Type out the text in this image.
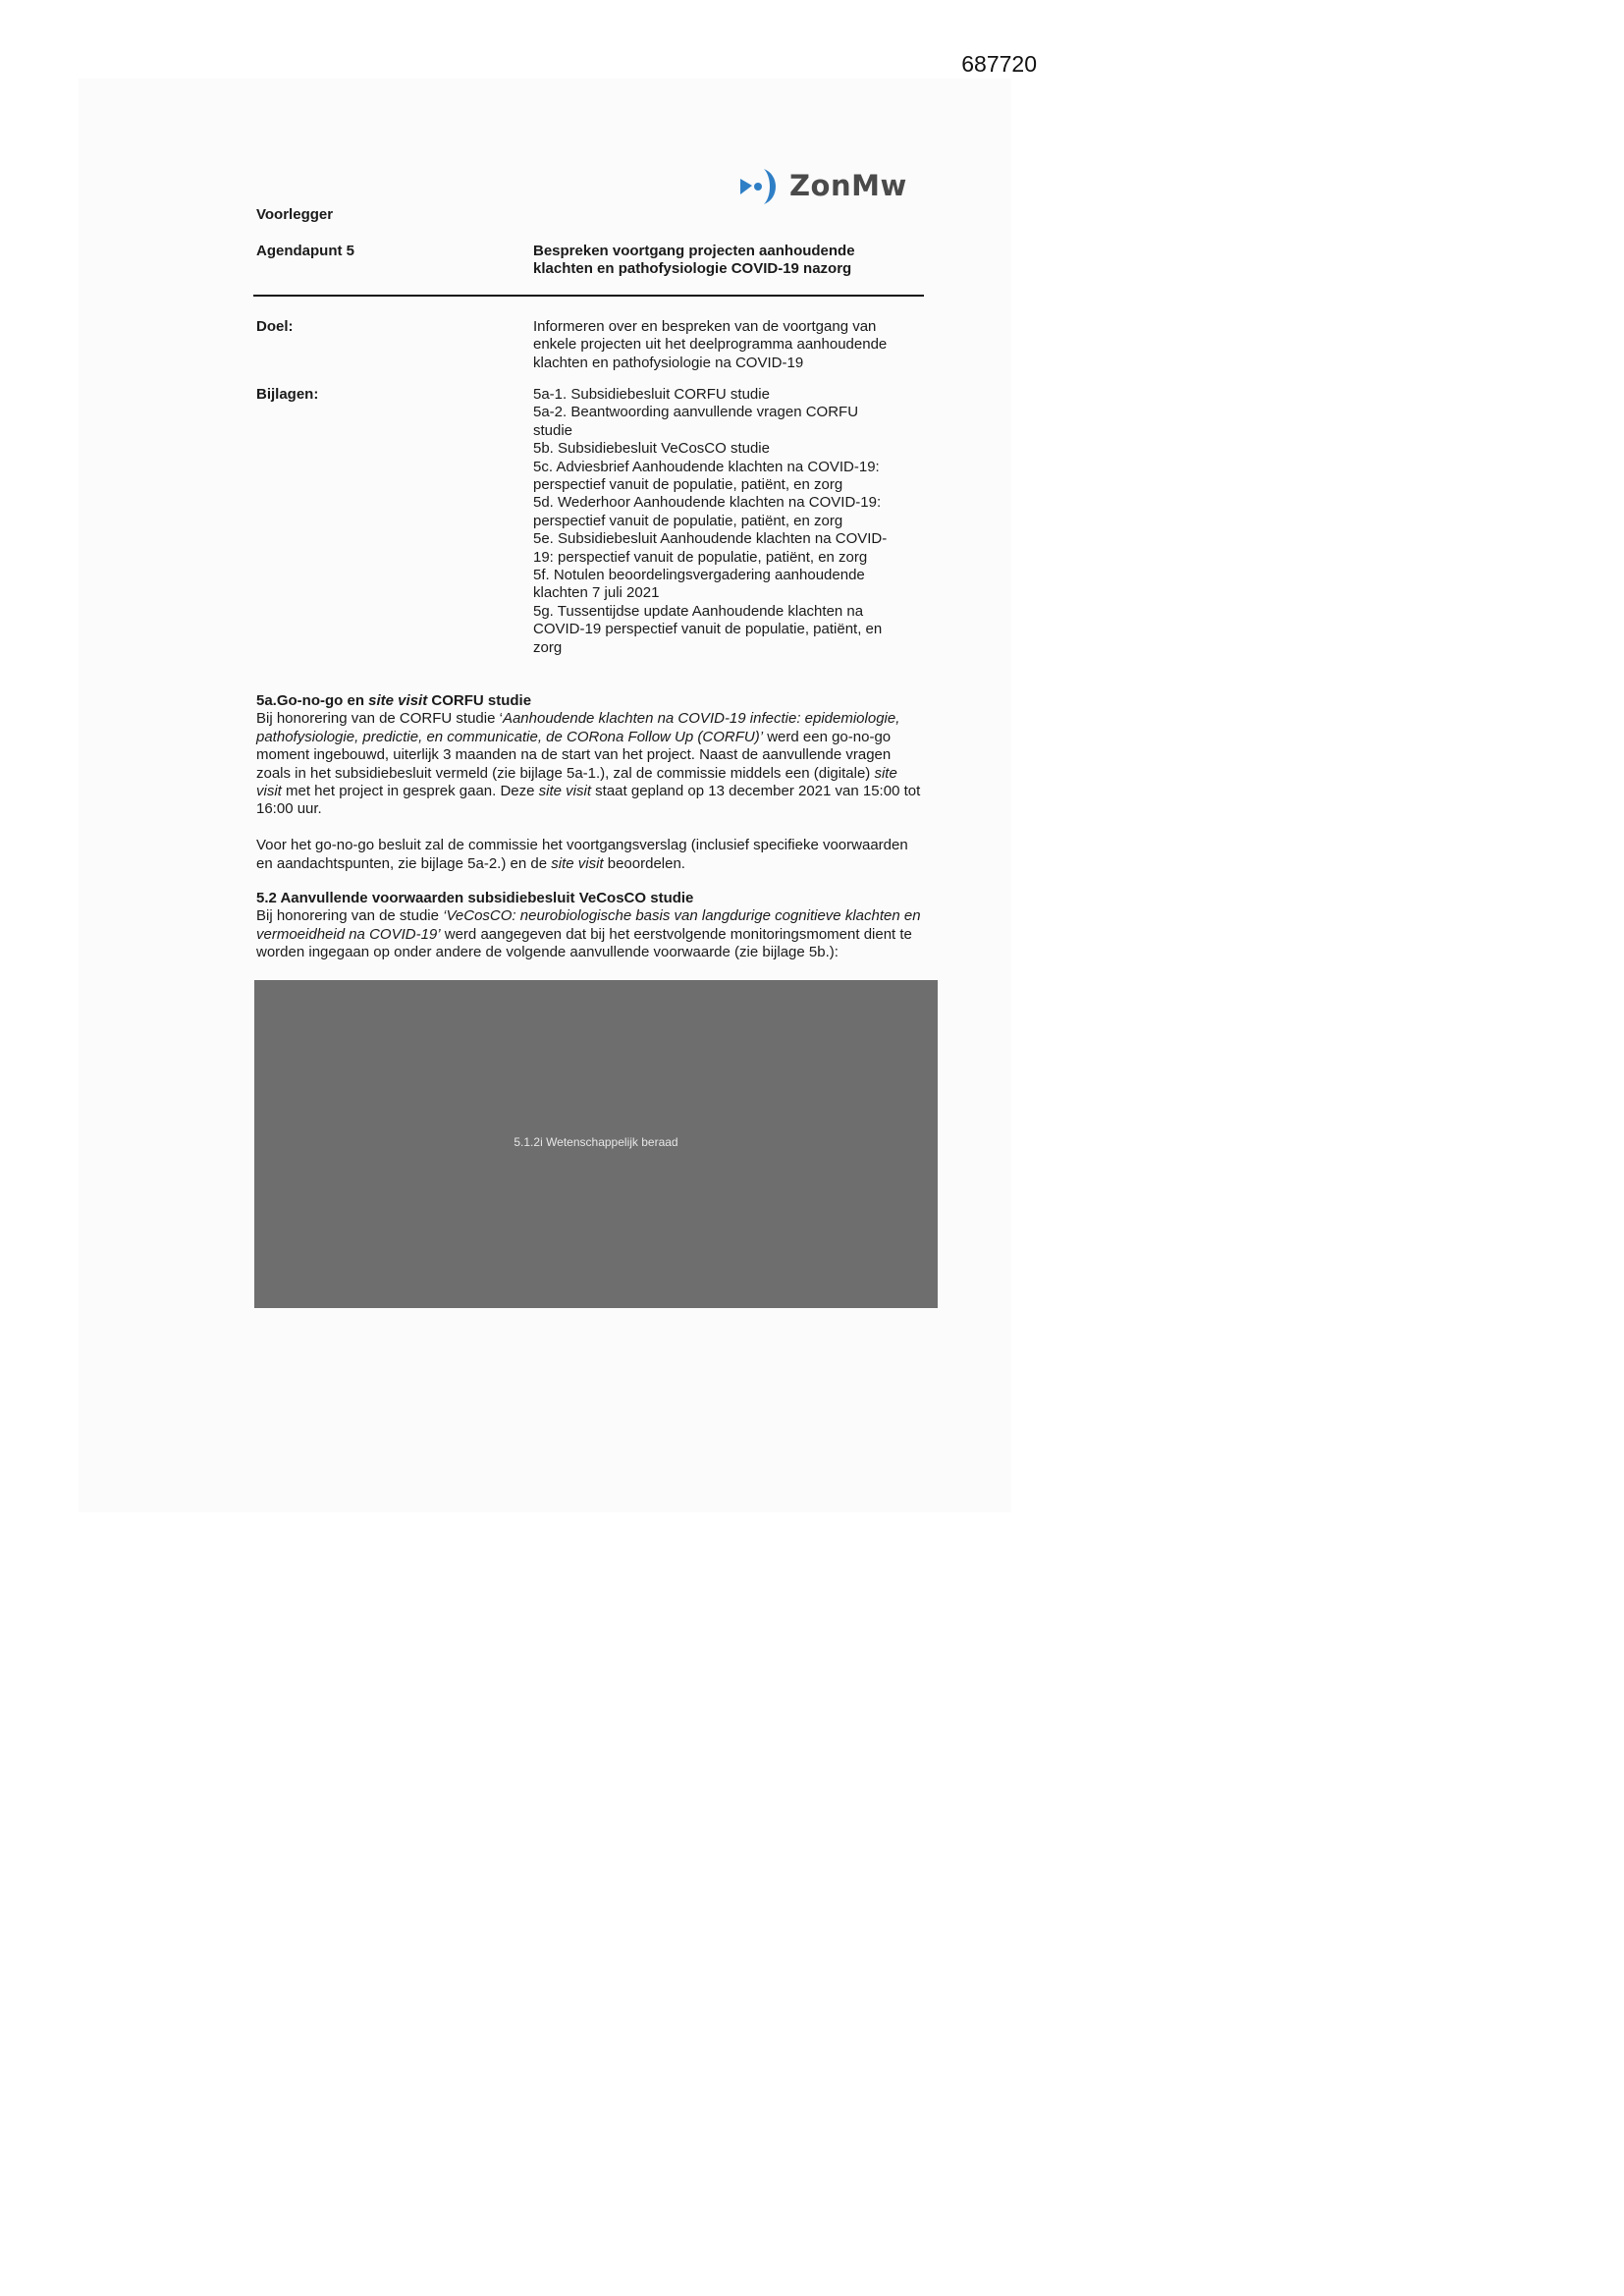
687720
ZonMw
Voorlegger
Agendapunt 5	Bespreken voortgang projecten aanhoudende
klachten en pathofysiologie COVID-19 nazorg
Doel:	Informeren over en bespreken van de voortgang van
enkele projecten uit het deelprogramma aanhoudende
klachten en pathofysiologie na COVID-19
Bijlagen:	5a-1. Subsidiebesluit CORFU studie
5a-2. Beantwoording aanvullende vragen CORFU
studie
5b. Subsidiebesluit VeCosCO studie
5c. Adviesbrief Aanhoudende klachten na COVID-19:
perspectief vanuit de populatie, patiënt, en zorg
5d. Wederhoor Aanhoudende klachten na COVID-19:
perspectief vanuit de populatie, patiënt, en zorg
5e. Subsidiebesluit Aanhoudende klachten na COVID-
19: perspectief vanuit de populatie, patiënt, en zorg
5f. Notulen beoordelingsvergadering aanhoudende
klachten 7 juli 2021
5g. Tussentijdse update Aanhoudende klachten na
COVID-19 perspectief vanuit de populatie, patiënt, en
zorg
5a.Go-no-go en site visit CORFU studie

Bij honorering van de CORFU studie ‘Aanhoudende klachten na COVID-19 infectie: epidemiologie, pathofysiologie, predictie, en communicatie, de CORona Follow Up (CORFU)’ werd een go-no-go moment ingebouwd, uiterlijk 3 maanden na de start van het project. Naast de aanvullende vragen zoals in het subsidiebesluit vermeld (zie bijlage 5a-1.), zal de commissie middels een (digitale) site visit met het project in gesprek gaan. Deze site visit staat gepland op 13 december 2021 van 15:00 tot 16:00 uur.

Voor het go-no-go besluit zal de commissie het voortgangsverslag (inclusief specifieke voorwaarden en aandachtspunten, zie bijlage 5a-2.) en de site visit beoordelen.

5.2 Aanvullende voorwaarden subsidiebesluit VeCosCO studie

Bij honorering van de studie ‘VeCosCO: neurobiologische basis van langdurige cognitieve klachten en vermoeidheid na COVID-19’ werd aangegeven dat bij het eerstvolgende monitoringsmoment dient te worden ingegaan op onder andere de volgende aanvullende voorwaarde (zie bijlage 5b.):

5.1.2i Wetenschappelijk beraad
